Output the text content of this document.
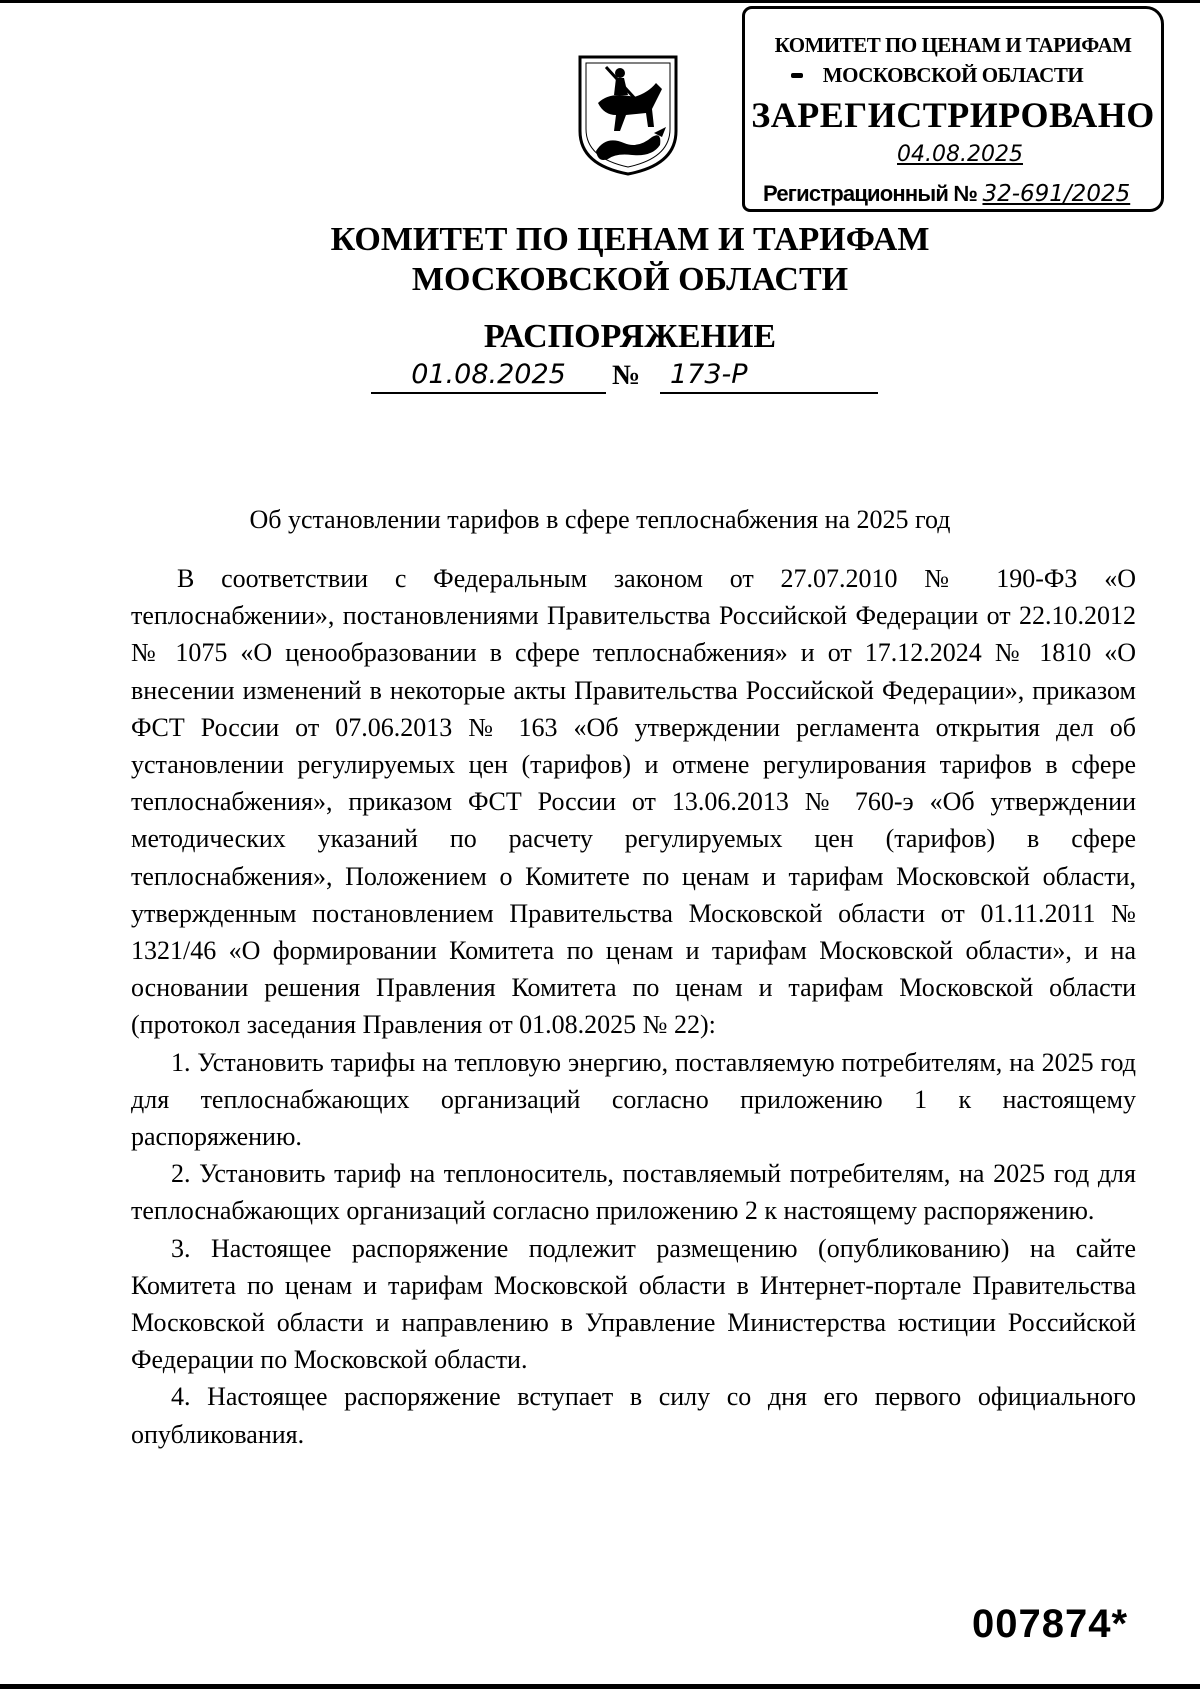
КОМИТЕТ ПО ЦЕНАМ И ТАРИФАМ
МОСКОВСКОЙ ОБЛАСТИ
ЗАРЕГИСТРИРОВАНО
04.08.2025
Регистрационный № 32-691/2025
КОМИТЕТ ПО ЦЕНАМ И ТАРИФАМ
МОСКОВСКОЙ ОБЛАСТИ
РАСПОРЯЖЕНИЕ
01.08.2025	№	173-Р
Об установлении тарифов в сфере теплоснабжения на 2025 год

В соответствии с Федеральным законом от 27.07.2010 № 190-ФЗ «О теплоснабжении», постановлениями Правительства Российской Федерации от 22.10.2012 № 1075 «О ценообразовании в сфере теплоснабжения» и от 17.12.2024 № 1810 «О внесении изменений в некоторые акты Правительства Российской Федерации», приказом ФСТ России от 07.06.2013 № 163 «Об утверждении регламента открытия дел об установлении регулируемых цен (тарифов) и отмене регулирования тарифов в сфере теплоснабжения», приказом ФСТ России от 13.06.2013 № 760-э «Об утверждении методических указаний по расчету регулируемых цен (тарифов) в сфере теплоснабжения», Положением о Комитете по ценам и тарифам Московской области, утвержденным постановлением Правительства Московской области от 01.11.2011 № 1321/46 «О формировании Комитета по ценам и тарифам Московской области», и на основании решения Правления Комитета по ценам и тарифам Московской области (протокол заседания Правления от 01.08.2025 № 22):

1. Установить тарифы на тепловую энергию, поставляемую потребителям, на 2025 год для теплоснабжающих организаций согласно приложению 1 к настоящему распоряжению.

2. Установить тариф на теплоноситель, поставляемый потребителям, на 2025 год для теплоснабжающих организаций согласно приложению 2 к настоящему распоряжению.

3. Настоящее распоряжение подлежит размещению (опубликованию) на сайте Комитета по ценам и тарифам Московской области в Интернет-портале Правительства Московской области и направлению в Управление Министерства юстиции Российской Федерации по Московской области.

4. Настоящее распоряжение вступает в силу со дня его первого официального опубликования.

007874*
